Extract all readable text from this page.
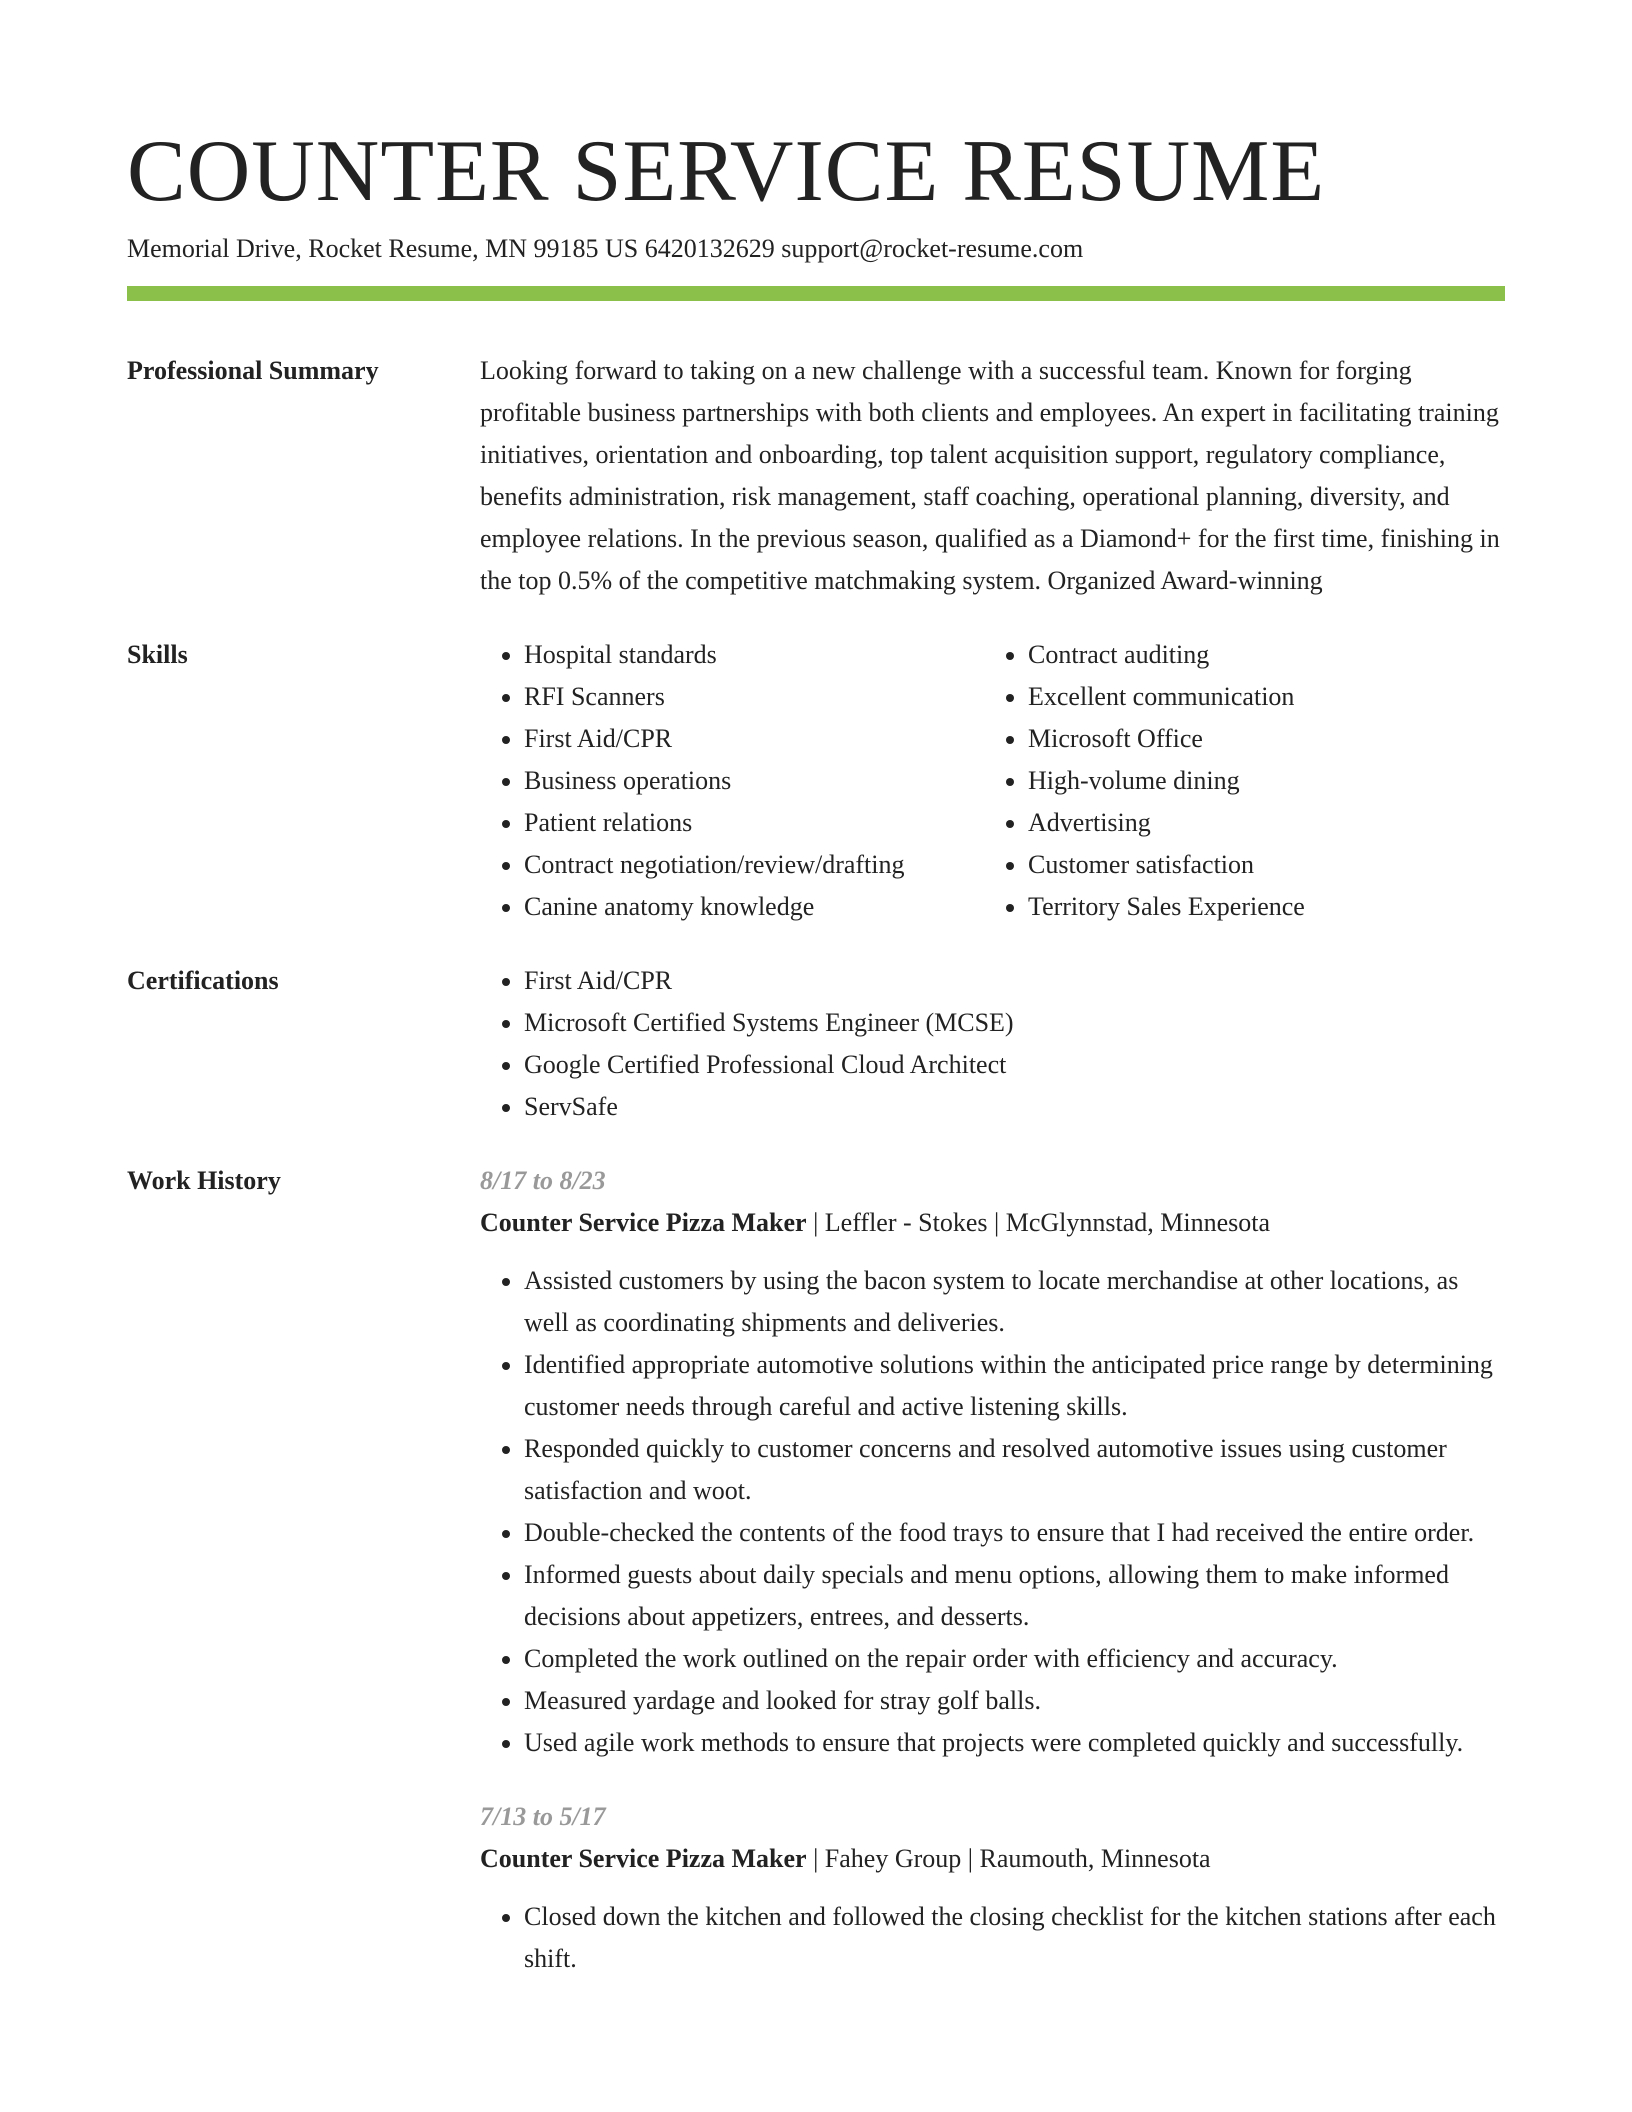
COUNTER SERVICE RESUME
Memorial Drive, Rocket Resume, MN 99185 US 6420132629 support@rocket-resume.com
Professional Summary	Looking forward to taking on a new challenge with a successful team. Known for forging profitable business partnerships with both clients and employees. An expert in facilitating training initiatives, orientation and onboarding, top talent acquisition support, regulatory compliance, benefits administration, risk management, staff coaching, operational planning, diversity, and employee relations. In the previous season, qualified as a Diamond+ for the first time, finishing in the top 0.5% of the competitive matchmaking system. Organized Award-winning

Skills	• Hospital standards
• RFI Scanners
• First Aid/CPR
• Business operations
• Patient relations
• Contract negotiation/review/drafting
• Canine anatomy knowledge
• Contract auditing
• Excellent communication
• Microsoft Office
• High-volume dining
• Advertising
• Customer satisfaction
• Territory Sales Experience
Certifications	• First Aid/CPR
• Microsoft Certified Systems Engineer (MCSE)
• Google Certified Professional Cloud Architect
• ServSafe
Work History	8/17 to 8/23
Counter Service Pizza Maker | Leffler - Stokes | McGlynnstad, Minnesota
• Assisted customers by using the bacon system to locate merchandise at other locations, as well as coordinating shipments and deliveries.
• Identified appropriate automotive solutions within the anticipated price range by determining customer needs through careful and active listening skills.
• Responded quickly to customer concerns and resolved automotive issues using customer satisfaction and woot.
• Double-checked the contents of the food trays to ensure that I had received the entire order.
• Informed guests about daily specials and menu options, allowing them to make informed decisions about appetizers, entrees, and desserts.
• Completed the work outlined on the repair order with efficiency and accuracy.
• Measured yardage and looked for stray golf balls.
• Used agile work methods to ensure that projects were completed quickly and successfully.
7/13 to 5/17
Counter Service Pizza Maker | Fahey Group | Raumouth, Minnesota
• Closed down the kitchen and followed the closing checklist for the kitchen stations after each shift.
